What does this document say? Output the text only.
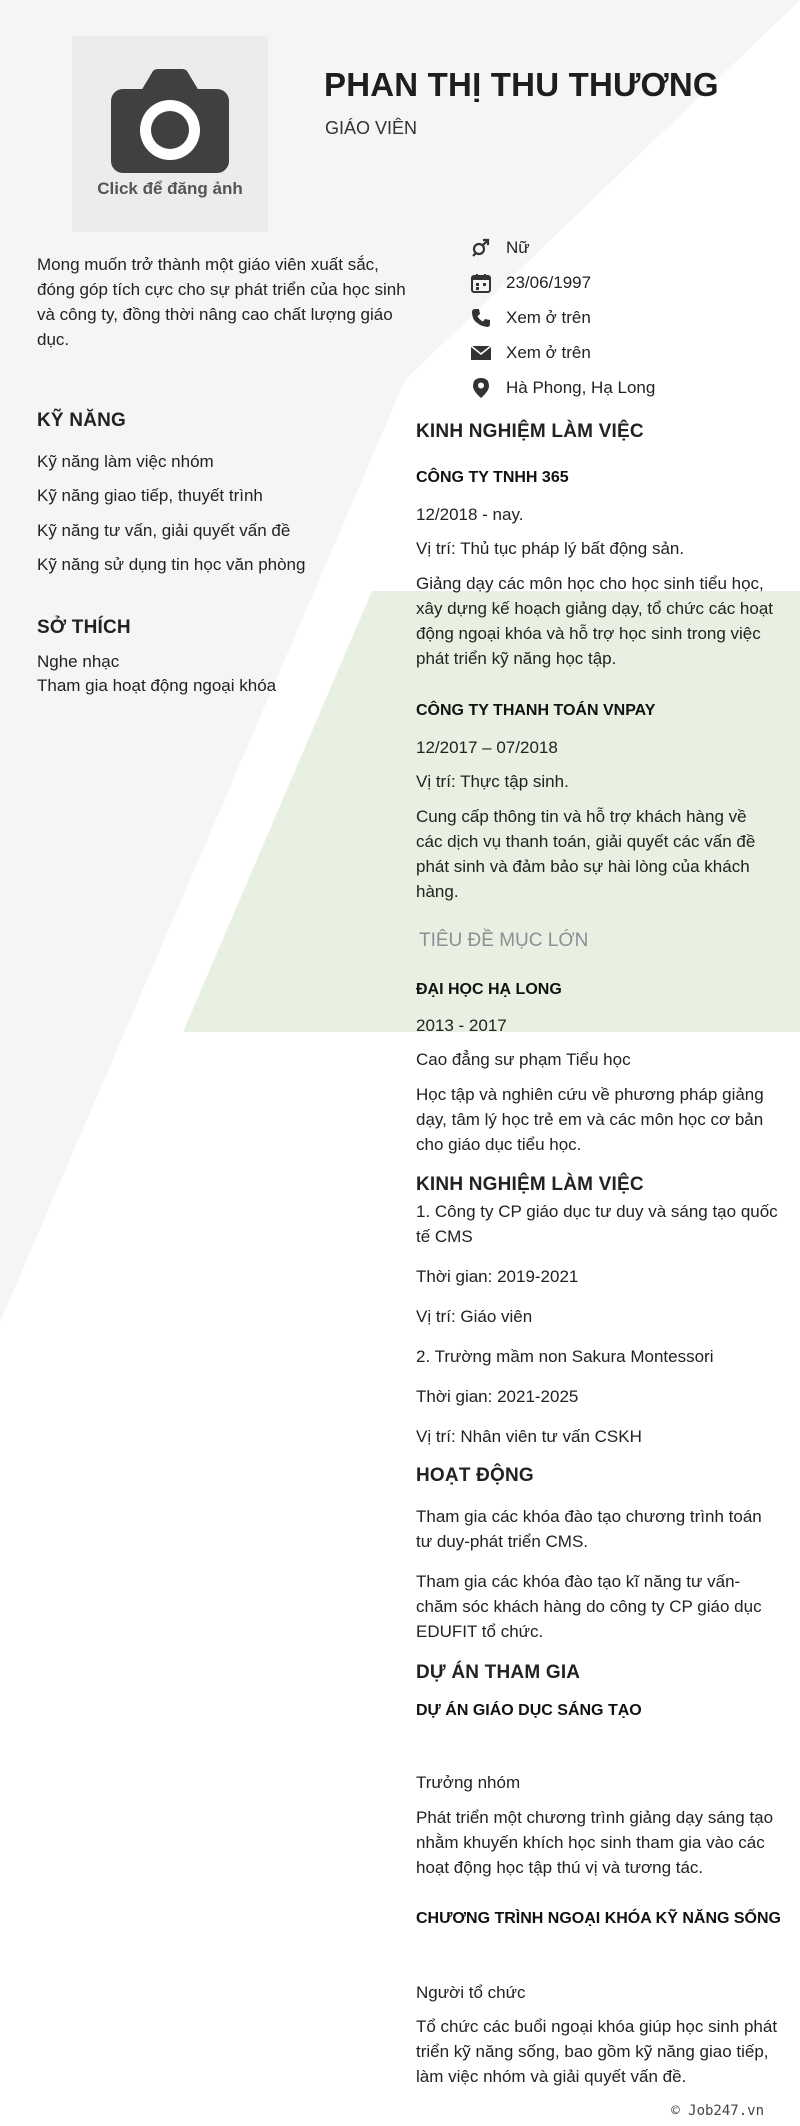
Click để đăng ảnh
PHAN THỊ THU THƯƠNG
GIÁO VIÊN
Mong muốn trở thành một giáo viên xuất sắc, đóng góp tích cực cho sự phát triển của học sinh và công ty, đồng thời nâng cao chất lượng giáo dục.
Nữ
23/06/1997
Xem ở trên
Xem ở trên
Hà Phong, Hạ Long
KỸ NĂNG
Kỹ năng làm việc nhóm
Kỹ năng giao tiếp, thuyết trình
Kỹ năng tư vấn, giải quyết vấn đề
Kỹ năng sử dụng tin học văn phòng
SỞ THÍCH
Nghe nhạc
Tham gia hoạt động ngoại khóa
KINH NGHIỆM LÀM VIỆC
CÔNG TY TNHH 365
12/2018 - nay.
Vị trí: Thủ tục pháp lý bất động sản.
Giảng dạy các môn học cho học sinh tiểu học, xây dựng kế hoạch giảng dạy, tổ chức các hoạt động ngoại khóa và hỗ trợ học sinh trong việc phát triển kỹ năng học tập.
CÔNG TY THANH TOÁN VNPAY
12/2017 – 07/2018
Vị trí: Thực tập sinh.
Cung cấp thông tin và hỗ trợ khách hàng về các dịch vụ thanh toán, giải quyết các vấn đề phát sinh và đảm bảo sự hài lòng của khách hàng.
TIÊU ĐỀ MỤC LỚN
ĐẠI HỌC HẠ LONG
2013 - 2017
Cao đẳng sư phạm Tiểu học
Học tập và nghiên cứu về phương pháp giảng dạy, tâm lý học trẻ em và các môn học cơ bản cho giáo dục tiểu học.
KINH NGHIỆM LÀM VIỆC
1. Công ty CP giáo dục tư duy và sáng tạo quốc tế CMS
Thời gian: 2019-2021
Vị trí: Giáo viên
2. Trường mầm non Sakura Montessori
Thời gian: 2021-2025
Vị trí: Nhân viên tư vấn CSKH
HOẠT ĐỘNG
Tham gia các khóa đào tạo chương trình toán tư duy-phát triển CMS.
Tham gia các khóa đào tạo kĩ năng tư vấn-chăm sóc khách hàng do công ty CP giáo dục EDUFIT tổ chức.
DỰ ÁN THAM GIA
DỰ ÁN GIÁO DỤC SÁNG TẠO
Trưởng nhóm
Phát triển một chương trình giảng dạy sáng tạo nhằm khuyến khích học sinh tham gia vào các hoạt động học tập thú vị và tương tác.
CHƯƠNG TRÌNH NGOẠI KHÓA KỸ NĂNG SỐNG
Người tổ chức
Tổ chức các buổi ngoại khóa giúp học sinh phát triển kỹ năng sống, bao gồm kỹ năng giao tiếp, làm việc nhóm và giải quyết vấn đề.
© Job247.vn
